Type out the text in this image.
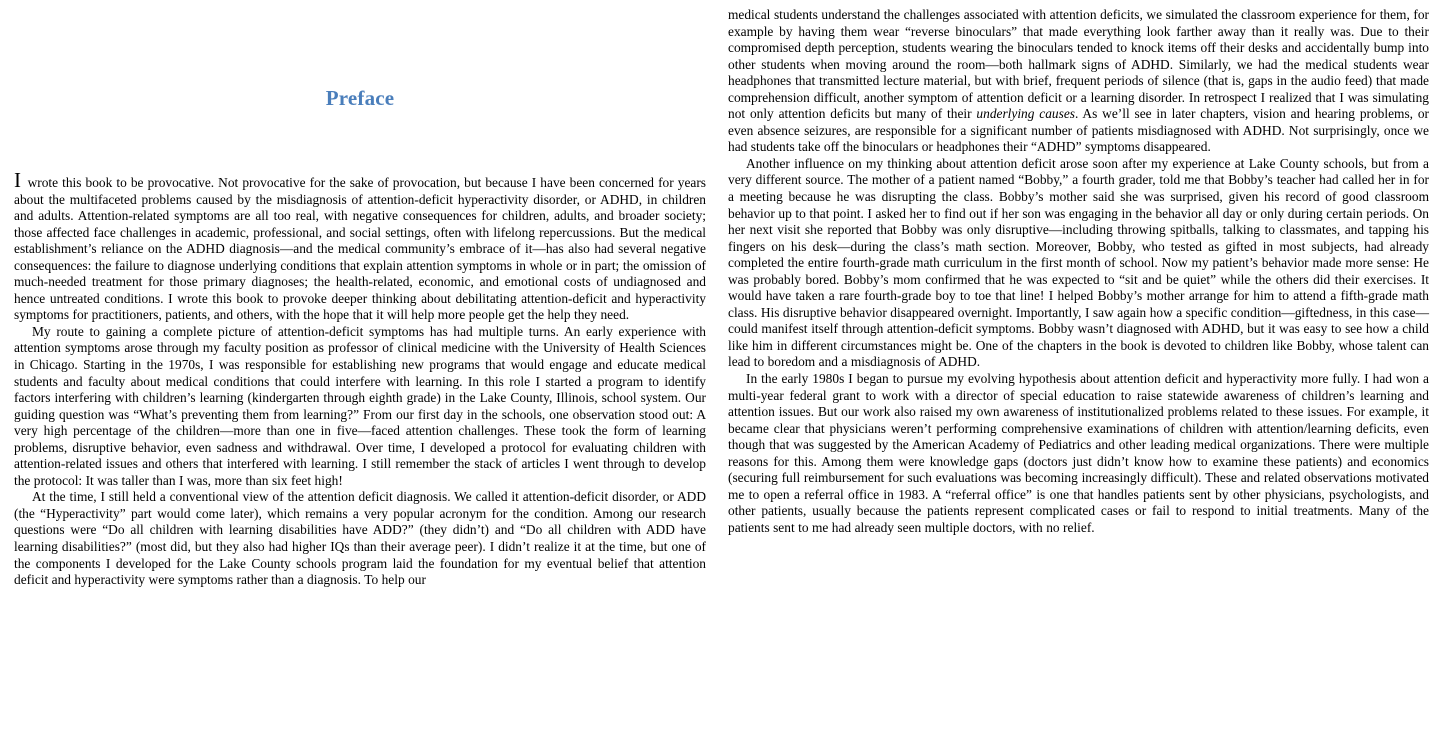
Preface

I wrote this book to be provocative. Not provocative for the sake of provocation, but because I have been concerned for years about the multifaceted problems caused by the misdiagnosis of attention-deficit hyperactivity disorder, or ADHD, in children and adults. Attention-related symptoms are all too real, with negative consequences for children, adults, and broader society; those affected face challenges in academic, professional, and social settings, often with lifelong repercussions. But the medical establishment’s reliance on the ADHD diagnosis—and the medical community’s embrace of it—has also had several negative consequences: the failure to diagnose underlying conditions that explain attention symptoms in whole or in part; the omission of much-needed treatment for those primary diagnoses; the health-related, economic, and emotional costs of undiagnosed and hence untreated conditions. I wrote this book to provoke deeper thinking about debilitating attention-deficit and hyperactivity symptoms for practitioners, patients, and others, with the hope that it will help more people get the help they need.

My route to gaining a complete picture of attention-deficit symptoms has had multiple turns. An early experience with attention symptoms arose through my faculty position as professor of clinical medicine with the University of Health Sciences in Chicago. Starting in the 1970s, I was responsible for establishing new programs that would engage and educate medical students and faculty about medical conditions that could interfere with learning. In this role I started a program to identify factors interfering with children’s learning (kindergarten through eighth grade) in the Lake County, Illinois, school system. Our guiding question was “What’s preventing them from learning?” From our first day in the schools, one observation stood out: A very high percentage of the children—more than one in five—faced attention challenges. These took the form of learning problems, disruptive behavior, even sadness and withdrawal. Over time, I developed a protocol for evaluating children with attention-related issues and others that interfered with learning. I still remember the stack of articles I went through to develop the protocol: It was taller than I was, more than six feet high!

At the time, I still held a conventional view of the attention deficit diagnosis. We called it attention-deficit disorder, or ADD (the “Hyperactivity” part would come later), which remains a very popular acronym for the condition. Among our research questions were “Do all children with learning disabilities have ADD?” (they didn’t) and “Do all children with ADD have learning disabilities?” (most did, but they also had higher IQs than their average peer). I didn’t realize it at the time, but one of the components I developed for the Lake County schools program laid the foundation for my eventual belief that attention deficit and hyperactivity were symptoms rather than a diagnosis. To help our

medical students understand the challenges associated with attention deficits, we simulated the classroom experience for them, for example by having them wear “reverse binoculars” that made everything look farther away than it really was. Due to their compromised depth perception, students wearing the binoculars tended to knock items off their desks and accidentally bump into other students when moving around the room—both hallmark signs of ADHD. Similarly, we had the medical students wear headphones that transmitted lecture material, but with brief, frequent periods of silence (that is, gaps in the audio feed) that made comprehension difficult, another symptom of attention deficit or a learning disorder. In retrospect I realized that I was simulating not only attention deficits but many of their underlying causes. As we’ll see in later chapters, vision and hearing problems, or even absence seizures, are responsible for a significant number of patients misdiagnosed with ADHD. Not surprisingly, once we had students take off the binoculars or headphones their “ADHD” symptoms disappeared.

Another influence on my thinking about attention deficit arose soon after my experience at Lake County schools, but from a very different source. The mother of a patient named “Bobby,” a fourth grader, told me that Bobby’s teacher had called her in for a meeting because he was disrupting the class. Bobby’s mother said she was surprised, given his record of good classroom behavior up to that point. I asked her to find out if her son was engaging in the behavior all day or only during certain periods. On her next visit she reported that Bobby was only disruptive—including throwing spitballs, talking to classmates, and tapping his fingers on his desk—during the class’s math section. Moreover, Bobby, who tested as gifted in most subjects, had already completed the entire fourth-grade math curriculum in the first month of school. Now my patient’s behavior made more sense: He was probably bored. Bobby’s mom confirmed that he was expected to “sit and be quiet” while the others did their exercises. It would have taken a rare fourth-grade boy to toe that line! I helped Bobby’s mother arrange for him to attend a fifth-grade math class. His disruptive behavior disappeared overnight. Importantly, I saw again how a specific condition—giftedness, in this case—could manifest itself through attention-deficit symptoms. Bobby wasn’t diagnosed with ADHD, but it was easy to see how a child like him in different circumstances might be. One of the chapters in the book is devoted to children like Bobby, whose talent can lead to boredom and a misdiagnosis of ADHD.

In the early 1980s I began to pursue my evolving hypothesis about attention deficit and hyperactivity more fully. I had won a multi-year federal grant to work with a director of special education to raise statewide awareness of children’s learning and attention issues. But our work also raised my own awareness of institutionalized problems related to these issues. For example, it became clear that physicians weren’t performing comprehensive examinations of children with attention/learning deficits, even though that was suggested by the American Academy of Pediatrics and other leading medical organizations. There were multiple reasons for this. Among them were knowledge gaps (doctors just didn’t know how to examine these patients) and economics (securing full reimbursement for such evaluations was becoming increasingly difficult). These and related observations motivated me to open a referral office in 1983. A “referral office” is one that handles patients sent by other physicians, psychologists, and other patients, usually because the patients represent complicated cases or fail to respond to initial treatments. Many of the patients sent to me had already seen multiple doctors, with no relief.
